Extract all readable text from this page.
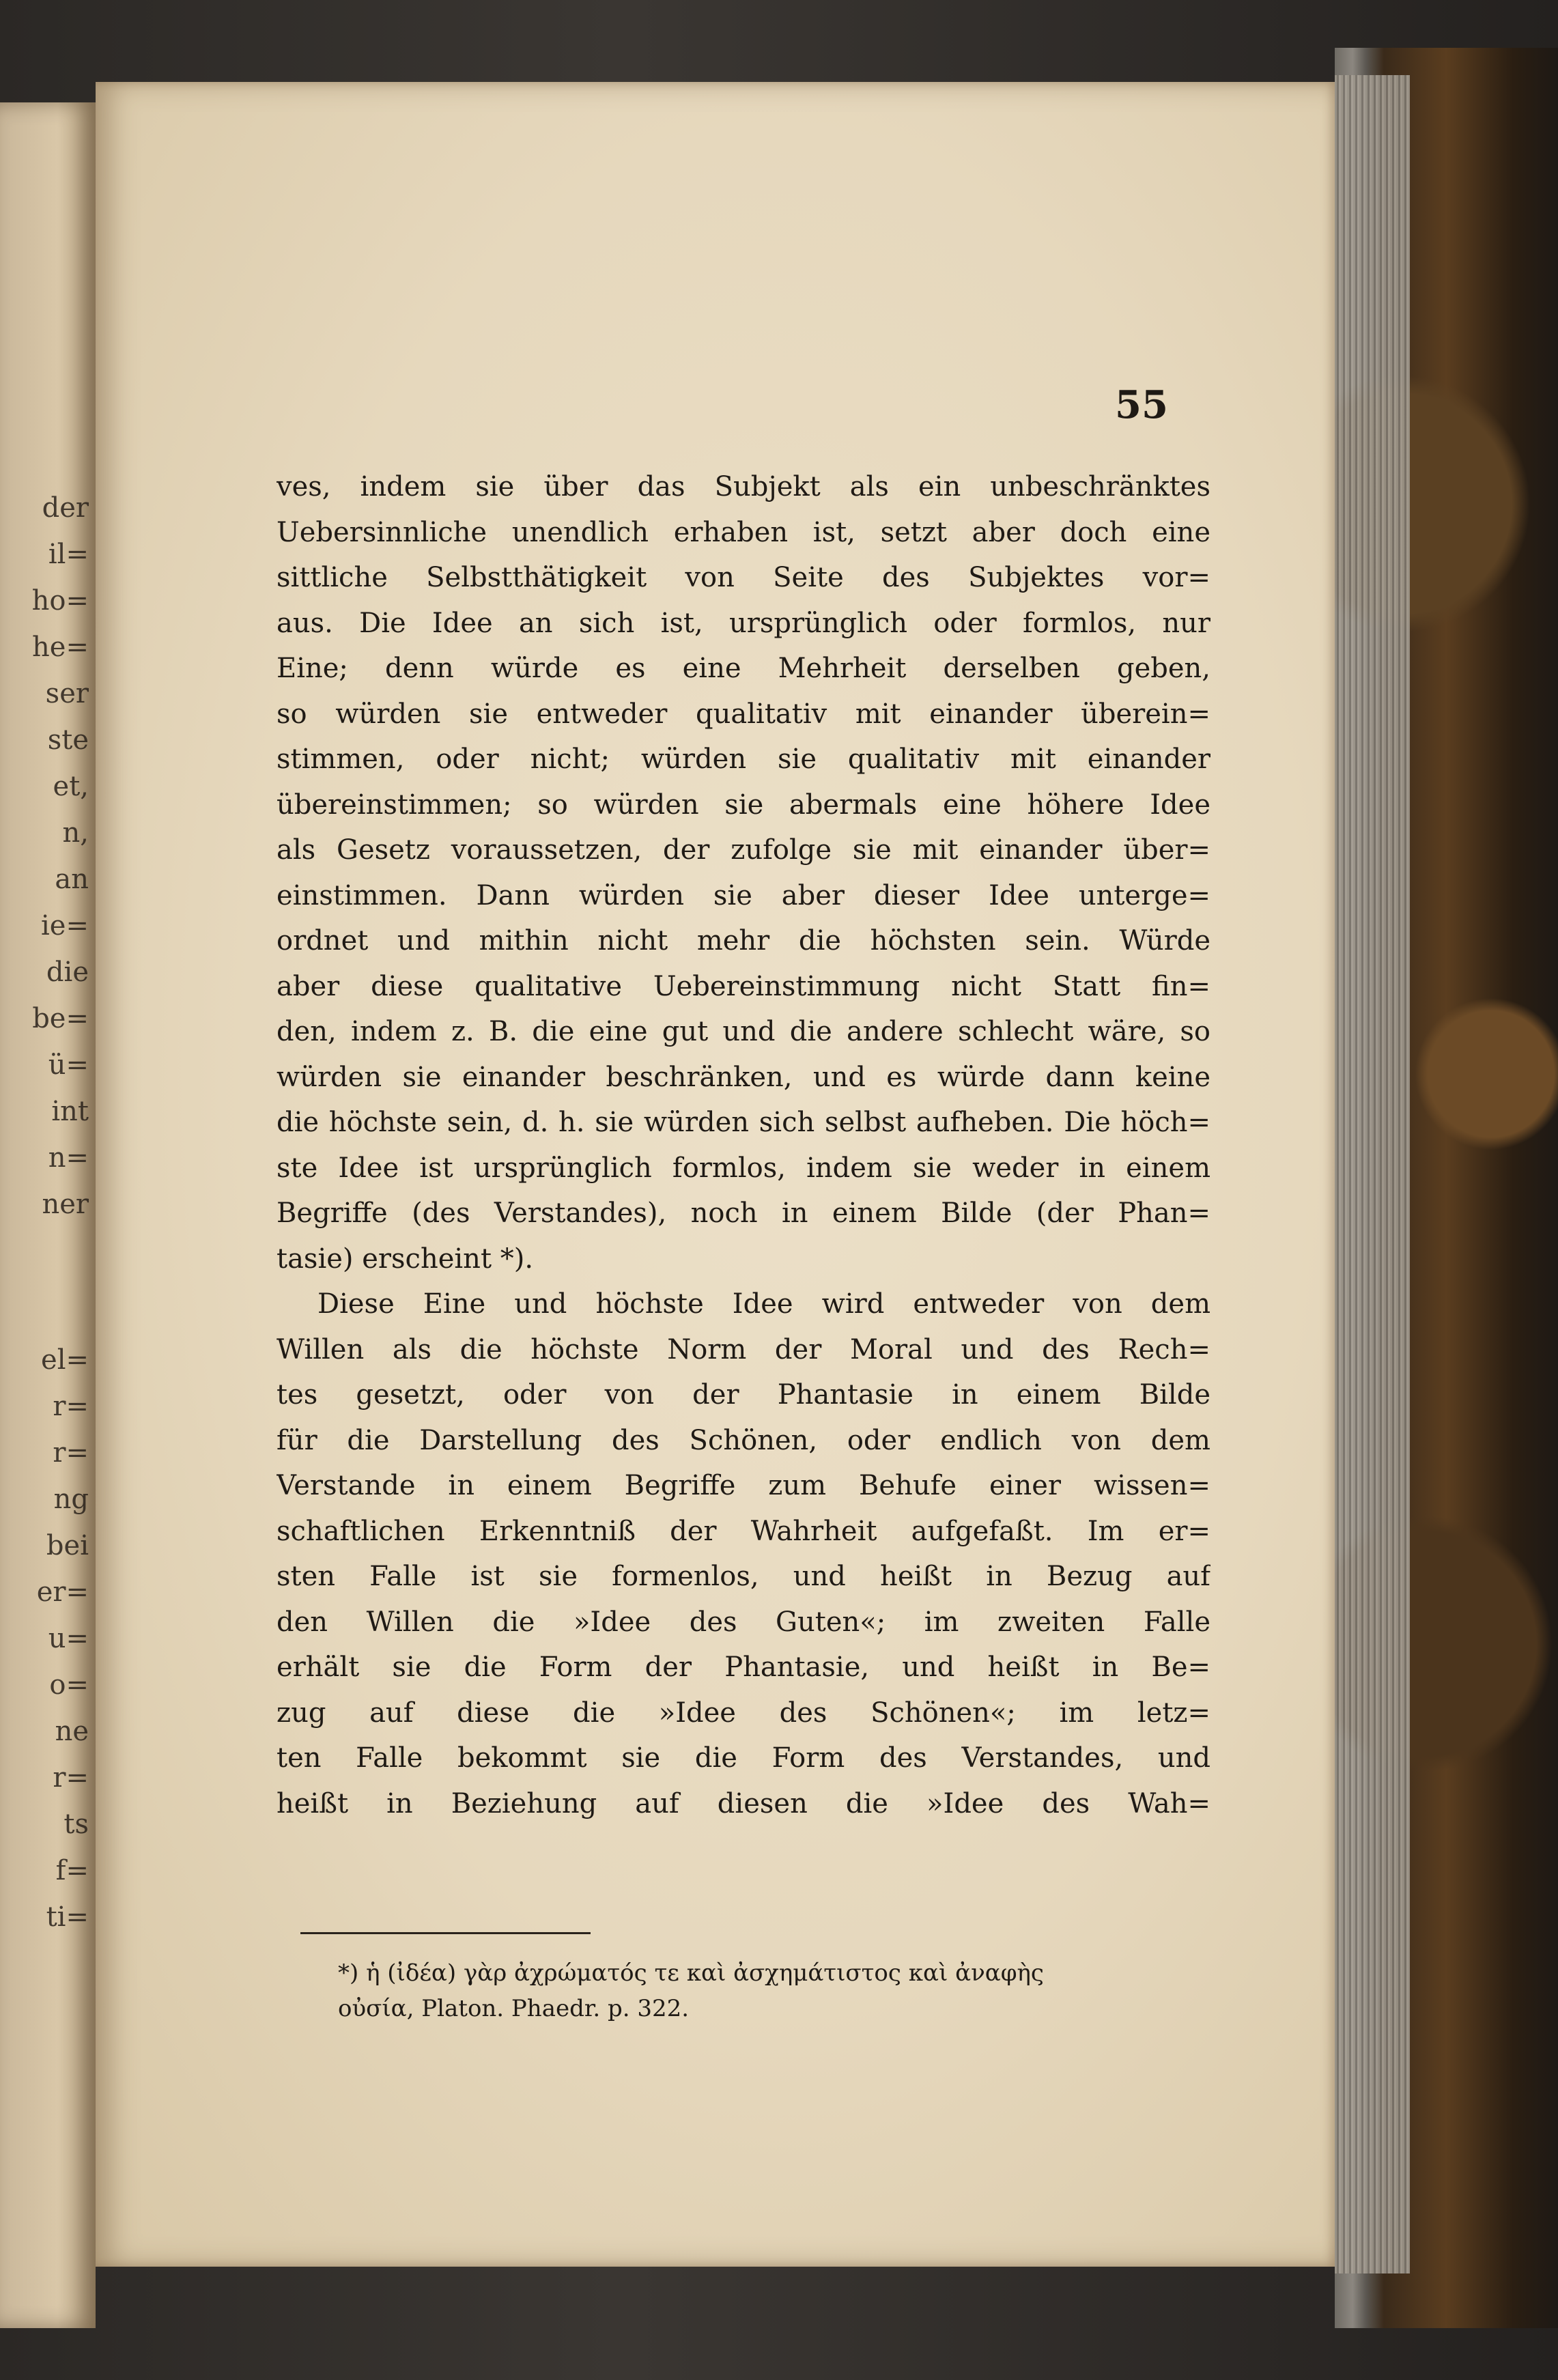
der
il=
ho=
he=
ser
ste
et,
n,
an
ie=
die
be=
ü=
int
n=
ner
el=
r=
r=
ng
bei
er=
u=
o=
ne
r=
ts
f=
ti=
55
ves, indem sie über das Subjekt als ein unbeschränktes
Uebersinnliche unendlich erhaben ist, setzt aber doch eine
sittliche Selbstthätigkeit von Seite des Subjektes vor=
aus. Die Idee an sich ist, ursprünglich oder formlos, nur
Eine; denn würde es eine Mehrheit derselben geben,
so würden sie entweder qualitativ mit einander überein=
stimmen, oder nicht; würden sie qualitativ mit einander
übereinstimmen; so würden sie abermals eine höhere Idee
als Gesetz voraussetzen, der zufolge sie mit einander über=
einstimmen. Dann würden sie aber dieser Idee unterge=
ordnet und mithin nicht mehr die höchsten sein. Würde
aber diese qualitative Uebereinstimmung nicht Statt fin=
den, indem z. B. die eine gut und die andere schlecht wäre, so
würden sie einander beschränken, und es würde dann keine
die höchste sein, d. h. sie würden sich selbst aufheben. Die höch=
ste Idee ist ursprünglich formlos, indem sie weder in einem
Begriffe (des Verstandes), noch in einem Bilde (der Phan=
tasie) erscheint *).
Diese Eine und höchste Idee wird entweder von dem
Willen als die höchste Norm der Moral und des Rech=
tes gesetzt, oder von der Phantasie in einem Bilde
für die Darstellung des Schönen, oder endlich von dem
Verstande in einem Begriffe zum Behufe einer wissen=
schaftlichen Erkenntniß der Wahrheit aufgefaßt. Im er=
sten Falle ist sie formenlos, und heißt in Bezug auf
den Willen die »Idee des Guten«; im zweiten Falle
erhält sie die Form der Phantasie, und heißt in Be=
zug auf diese die »Idee des Schönen«; im letz=
ten Falle bekommt sie die Form des Verstandes, und
heißt in Beziehung auf diesen die »Idee des Wah=
*) ἡ (ἰδέα) γὰρ ἀχρώματός τε καὶ ἀσχημάτιστος καὶ ἀναφὴς
οὐσία, Platon. Phaedr. p. 322.
